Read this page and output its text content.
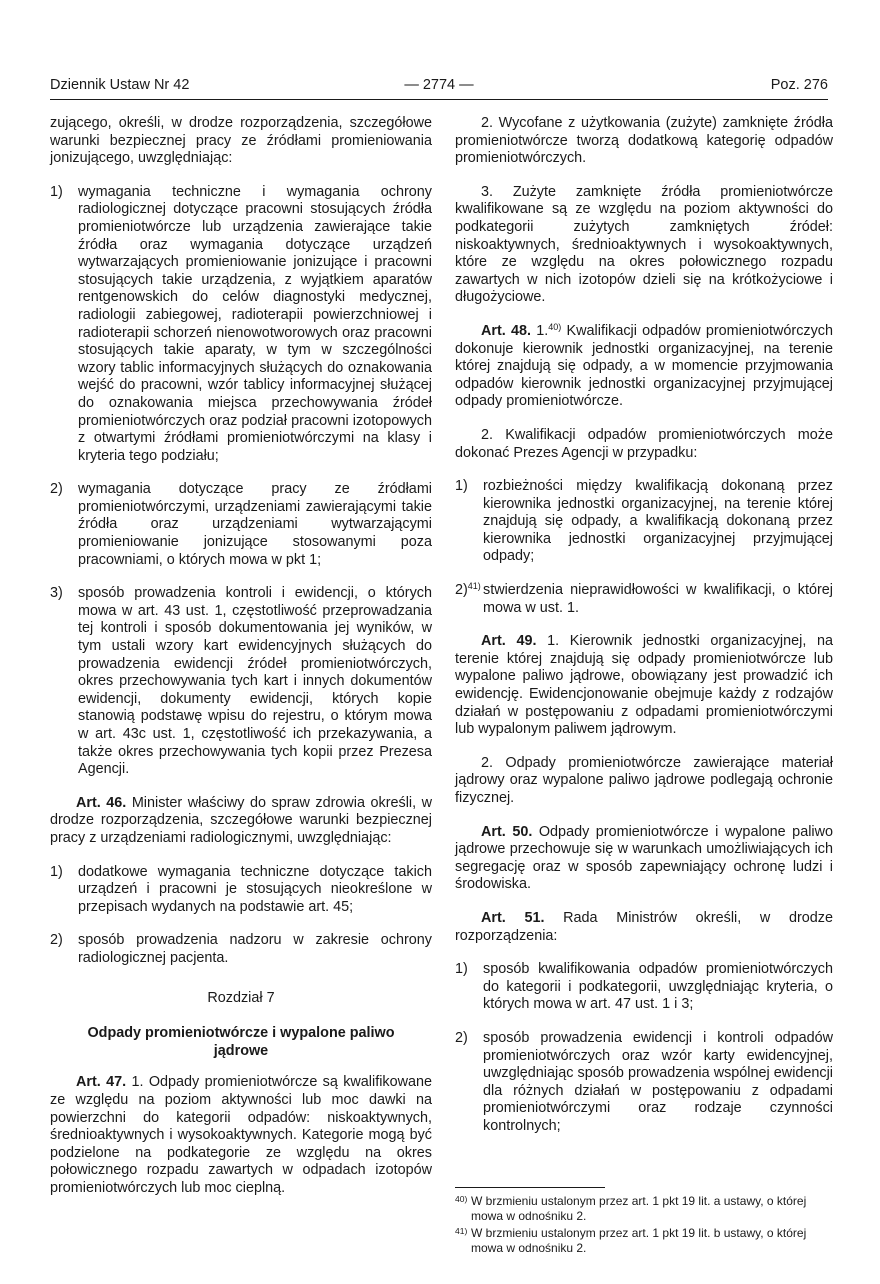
Dziennik Ustaw Nr 42	— 2774 —	Poz. 276

zującego, określi, w drodze rozporządzenia, szczegółowe warunki bezpiecznej pracy ze źródłami promieniowania jonizującego, uwzględniając:

1)	wymagania techniczne i wymagania ochrony radiologicznej dotyczące pracowni stosujących źródła promieniotwórcze lub urządzenia zawierające takie źródła oraz wymagania dotyczące urządzeń wytwarzających promieniowanie jonizujące i pracowni stosujących takie urządzenia, z wyjątkiem aparatów rentgenowskich do celów diagnostyki medycznej, radiologii zabiegowej, radioterapii powierzchniowej i radioterapii schorzeń nienowotworowych oraz pracowni stosujących takie aparaty, w tym w szczególności wzory tablic informacyjnych służących do oznakowania wejść do pracowni, wzór tablicy informacyjnej służącej do oznakowania miejsca przechowywania źródeł promieniotwórczych oraz podział pracowni izotopowych z otwartymi źródłami promieniotwórczymi na klasy i kryteria tego podziału;
2)	wymagania dotyczące pracy ze źródłami promieniotwórczymi, urządzeniami zawierającymi takie źródła oraz urządzeniami wytwarzającymi promieniowanie jonizujące stosowanymi poza pracowniami, o których mowa w pkt 1;
3)	sposób prowadzenia kontroli i ewidencji, o których mowa w art. 43 ust. 1, częstotliwość przeprowadzania tej kontroli i sposób dokumentowania jej wyników, w tym ustali wzory kart ewidencyjnych służących do prowadzenia ewidencji źródeł promieniotwórczych, okres przechowywania tych kart i innych dokumentów ewidencji, dokumenty ewidencji, których kopie stanowią podstawę wpisu do rejestru, o którym mowa w art. 43c ust. 1, częstotliwość ich przekazywania, a także okres przechowywania tych kopii przez Prezesa Agencji.

Art. 46. Minister właściwy do spraw zdrowia określi, w drodze rozporządzenia, szczegółowe warunki bezpiecznej pracy z urządzeniami radiologicznymi, uwzględniając:

1)	dodatkowe wymagania techniczne dotyczące takich urządzeń i pracowni je stosujących nieokreślone w przepisach wydanych na podstawie art. 45;
2)	sposób prowadzenia nadzoru w zakresie ochrony radiologicznej pacjenta.
Rozdział 7
Odpady promieniotwórcze i wypalone paliwo jądrowe

Art. 47. 1. Odpady promieniotwórcze są kwalifikowane ze względu na poziom aktywności lub moc dawki na powierzchni do kategorii odpadów: niskoaktywnych, średnioaktywnych i wysokoaktywnych. Kategorie mogą być podzielone na podkategorie ze względu na okres połowicznego rozpadu zawartych w odpadach izotopów promieniotwórczych lub moc cieplną.

2. Wycofane z użytkowania (zużyte) zamknięte źródła promieniotwórcze tworzą dodatkową kategorię odpadów promieniotwórczych.

3. Zużyte zamknięte źródła promieniotwórcze kwalifikowane są ze względu na poziom aktywności do podkategorii zużytych zamkniętych źródeł: niskoaktywnych, średnioaktywnych i wysokoaktywnych, które ze względu na okres połowicznego rozpadu zawartych w nich izotopów dzieli się na krótkożyciowe i długożyciowe.

Art. 48. 1.$^{40)}$ Kwalifikacji odpadów promieniotwórczych dokonuje kierownik jednostki organizacyjnej, na terenie której znajdują się odpady, a w momencie przyjmowania odpadów kierownik jednostki organizacyjnej przyjmującej odpady promieniotwórcze.

2. Kwalifikacji odpadów promieniotwórczych może dokonać Prezes Agencji w przypadku:

1)	rozbieżności między kwalifikacją dokonaną przez kierownika jednostki organizacyjnej, na terenie której znajdują się odpady, a kwalifikacją dokonaną przez kierownika jednostki organizacyjnej przyjmującej odpady;
2)$^{41)}$ stwierdzenia nieprawidłowości w kwalifikacji, o której mowa w ust. 1.

Art. 49. 1. Kierownik jednostki organizacyjnej, na terenie której znajdują się odpady promieniotwórcze lub wypalone paliwo jądrowe, obowiązany jest prowadzić ich ewidencję. Ewidencjonowanie obejmuje każdy z rodzajów działań w postępowaniu z odpadami promieniotwórczymi lub wypalonym paliwem jądrowym.

2. Odpady promieniotwórcze zawierające materiał jądrowy oraz wypalone paliwo jądrowe podlegają ochronie fizycznej.

Art. 50. Odpady promieniotwórcze i wypalone paliwo jądrowe przechowuje się w warunkach umożliwiających ich segregację oraz w sposób zapewniający ochronę ludzi i środowiska.

Art. 51. Rada Ministrów określi, w drodze rozporządzenia:

1)	sposób kwalifikowania odpadów promieniotwórczych do kategorii i podkategorii, uwzględniając kryteria, o których mowa w art. 47 ust. 1 i 3;
2)	sposób prowadzenia ewidencji i kontroli odpadów promieniotwórczych oraz wzór karty ewidencyjnej, uwzględniając sposób prowadzenia wspólnej ewidencji dla różnych działań w postępowaniu z odpadami promieniotwórczymi oraz rodzaje czynności kontrolnych;
40) W brzmieniu ustalonym przez art. 1 pkt 19 lit. a ustawy, o której mowa w odnośniku 2.
41) W brzmieniu ustalonym przez art. 1 pkt 19 lit. b ustawy, o której mowa w odnośniku 2.
